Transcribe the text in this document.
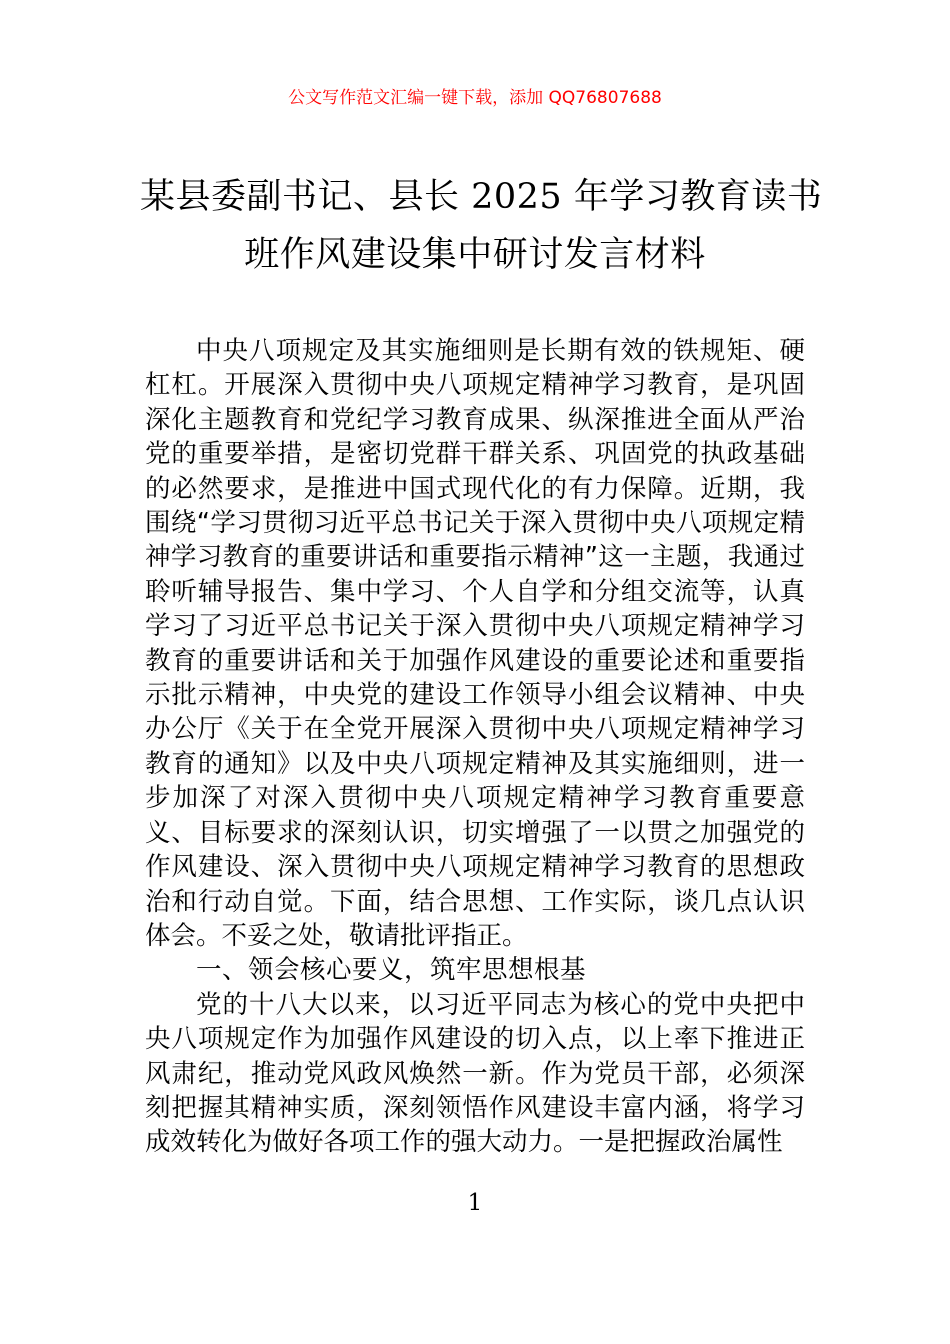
公文写作范文汇编一键下载，添加 QQ76807688
某县委副书记、县长 2025 年学习教育读书
班作风建设集中研讨发言材料

中央八项规定及其实施细则是长期有效的铁规矩、硬杠杠。开展深入贯彻中央八项规定精神学习教育，是巩固深化主题教育和党纪学习教育成果、纵深推进全面从严治党的重要举措，是密切党群干群关系、巩固党的执政基础的必然要求，是推进中国式现代化的有力保障。近期，我围绕“学习贯彻习近平总书记关于深入贯彻中央八项规定精神学习教育的重要讲话和重要指示精神”这一主题，我通过聆听辅导报告、集中学习、个人自学和分组交流等，认真学习了习近平总书记关于深入贯彻中央八项规定精神学习教育的重要讲话和关于加强作风建设的重要论述和重要指示批示精神，中央党的建设工作领导小组会议精神、中央办公厅《关于在全党开展深入贯彻中央八项规定精神学习教育的通知》以及中央八项规定精神及其实施细则，进一步加深了对深入贯彻中央八项规定精神学习教育重要意义、目标要求的深刻认识，切实增强了一以贯之加强党的作风建设、深入贯彻中央八项规定精神学习教育的思想政治和行动自觉。下面，结合思想、工作实际，谈几点认识体会。不妥之处，敬请批评指正。

一、领会核心要义，筑牢思想根基

党的十八大以来，以习近平同志为核心的党中央把中央八项规定作为加强作风建设的切入点，以上率下推进正风肃纪，推动党风政风焕然一新。作为党员干部，必须深刻把握其精神实质，深刻领悟作风建设丰富内涵，将学习成效转化为做好各项工作的强大动力。一是把握政治属性

1
